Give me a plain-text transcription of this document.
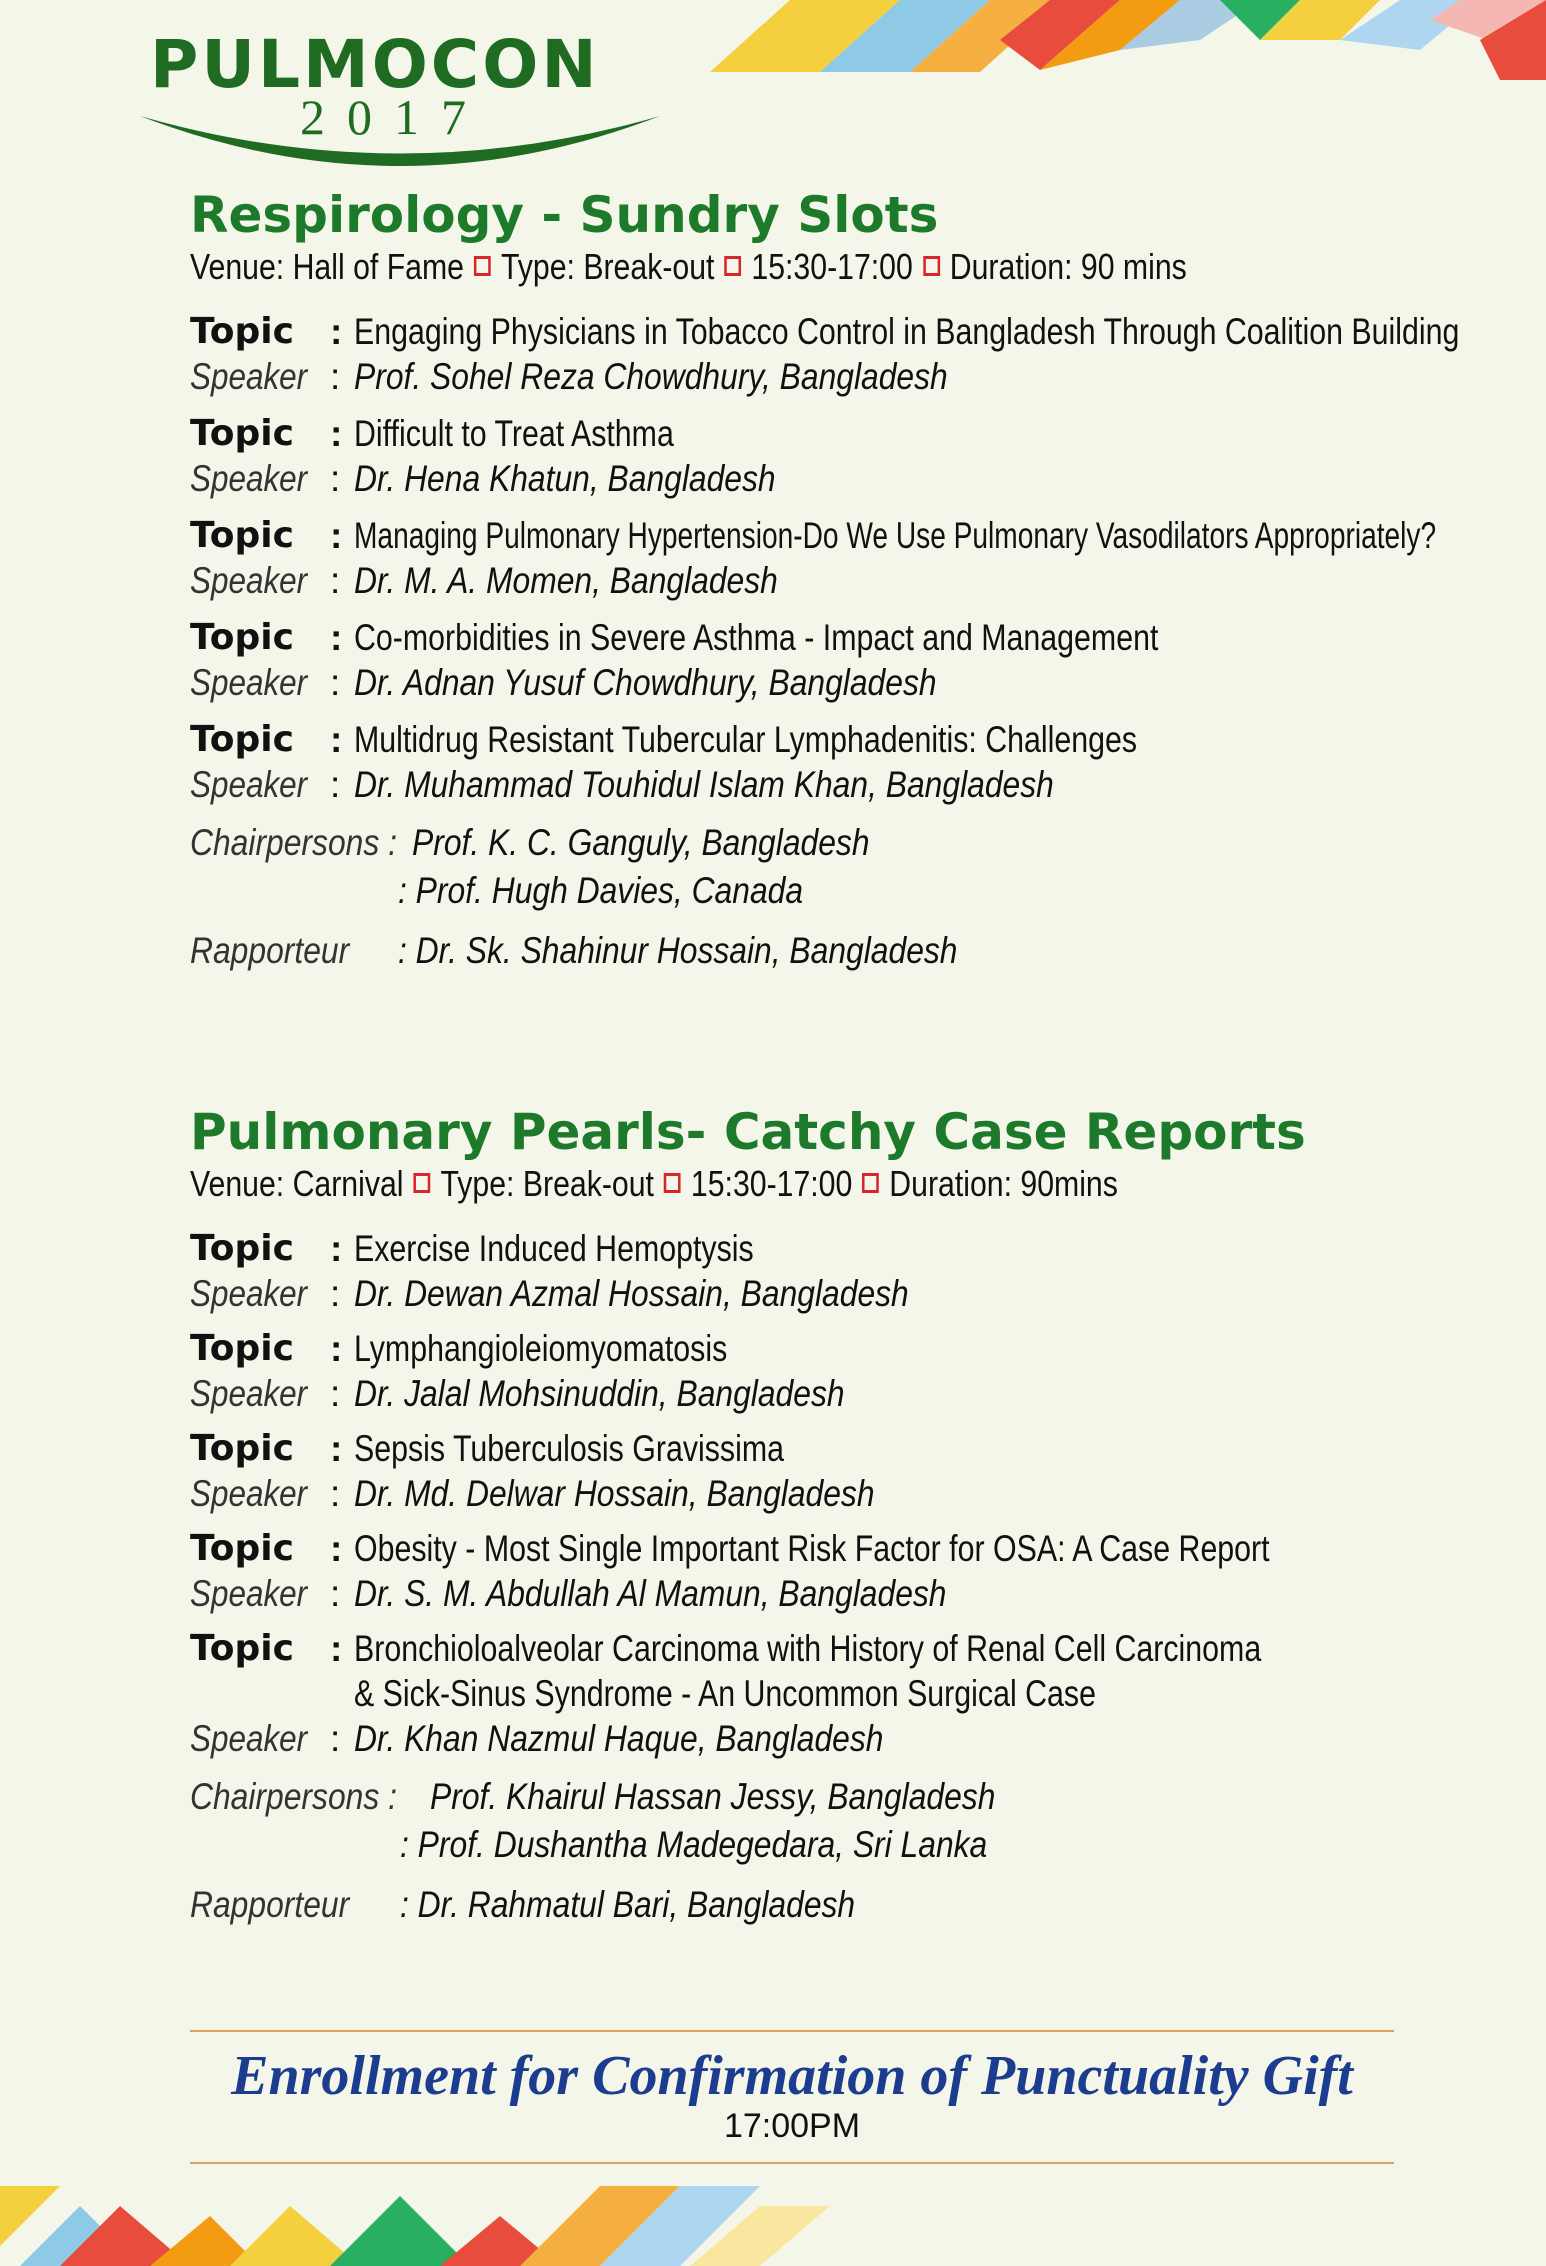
PULMOCON
2017
Respirology - Sundry Slots
Venue: Hall of Fame Type: Break-out 15:30-17:00 Duration: 90 mins
Topic : Engaging Physicians in Tobacco Control in Bangladesh Through Coalition Building
Speaker : Prof. Sohel Reza Chowdhury, Bangladesh
Topic : Difficult to Treat Asthma
Speaker : Dr. Hena Khatun, Bangladesh
Topic : Managing Pulmonary Hypertension-Do We Use Pulmonary Vasodilators Appropriately?
Speaker : Dr. M. A. Momen, Bangladesh
Topic : Co-morbidities in Severe Asthma - Impact and Management
Speaker : Dr. Adnan Yusuf Chowdhury, Bangladesh
Topic : Multidrug Resistant Tubercular Lymphadenitis: Challenges
Speaker : Dr. Muhammad Touhidul Islam Khan, Bangladesh
Chairpersons : Prof. K. C. Ganguly, Bangladesh
: Prof. Hugh Davies, Canada
Rapporteur	: Dr. Sk. Shahinur Hossain, Bangladesh
Pulmonary Pearls- Catchy Case Reports
Venue: Carnival Type: Break-out 15:30-17:00 Duration: 90mins
Topic : Exercise Induced Hemoptysis
Speaker : Dr. Dewan Azmal Hossain, Bangladesh
Topic : Lymphangioleiomyomatosis
Speaker : Dr. Jalal Mohsinuddin, Bangladesh
Topic : Sepsis Tuberculosis Gravissima
Speaker : Dr. Md. Delwar Hossain, Bangladesh
Topic : Obesity - Most Single Important Risk Factor for OSA: A Case Report
Speaker : Dr. S. M. Abdullah Al Mamun, Bangladesh
Topic : Bronchioloalveolar Carcinoma with History of Renal Cell Carcinoma
& Sick-Sinus Syndrome - An Uncommon Surgical Case
Speaker : Dr. Khan Nazmul Haque, Bangladesh
Chairpersons : Prof. Khairul Hassan Jessy, Bangladesh
: Prof. Dushantha Madegedara, Sri Lanka
Rapporteur	: Dr. Rahmatul Bari, Bangladesh
Enrollment for Confirmation of Punctuality Gift
17:00PM
